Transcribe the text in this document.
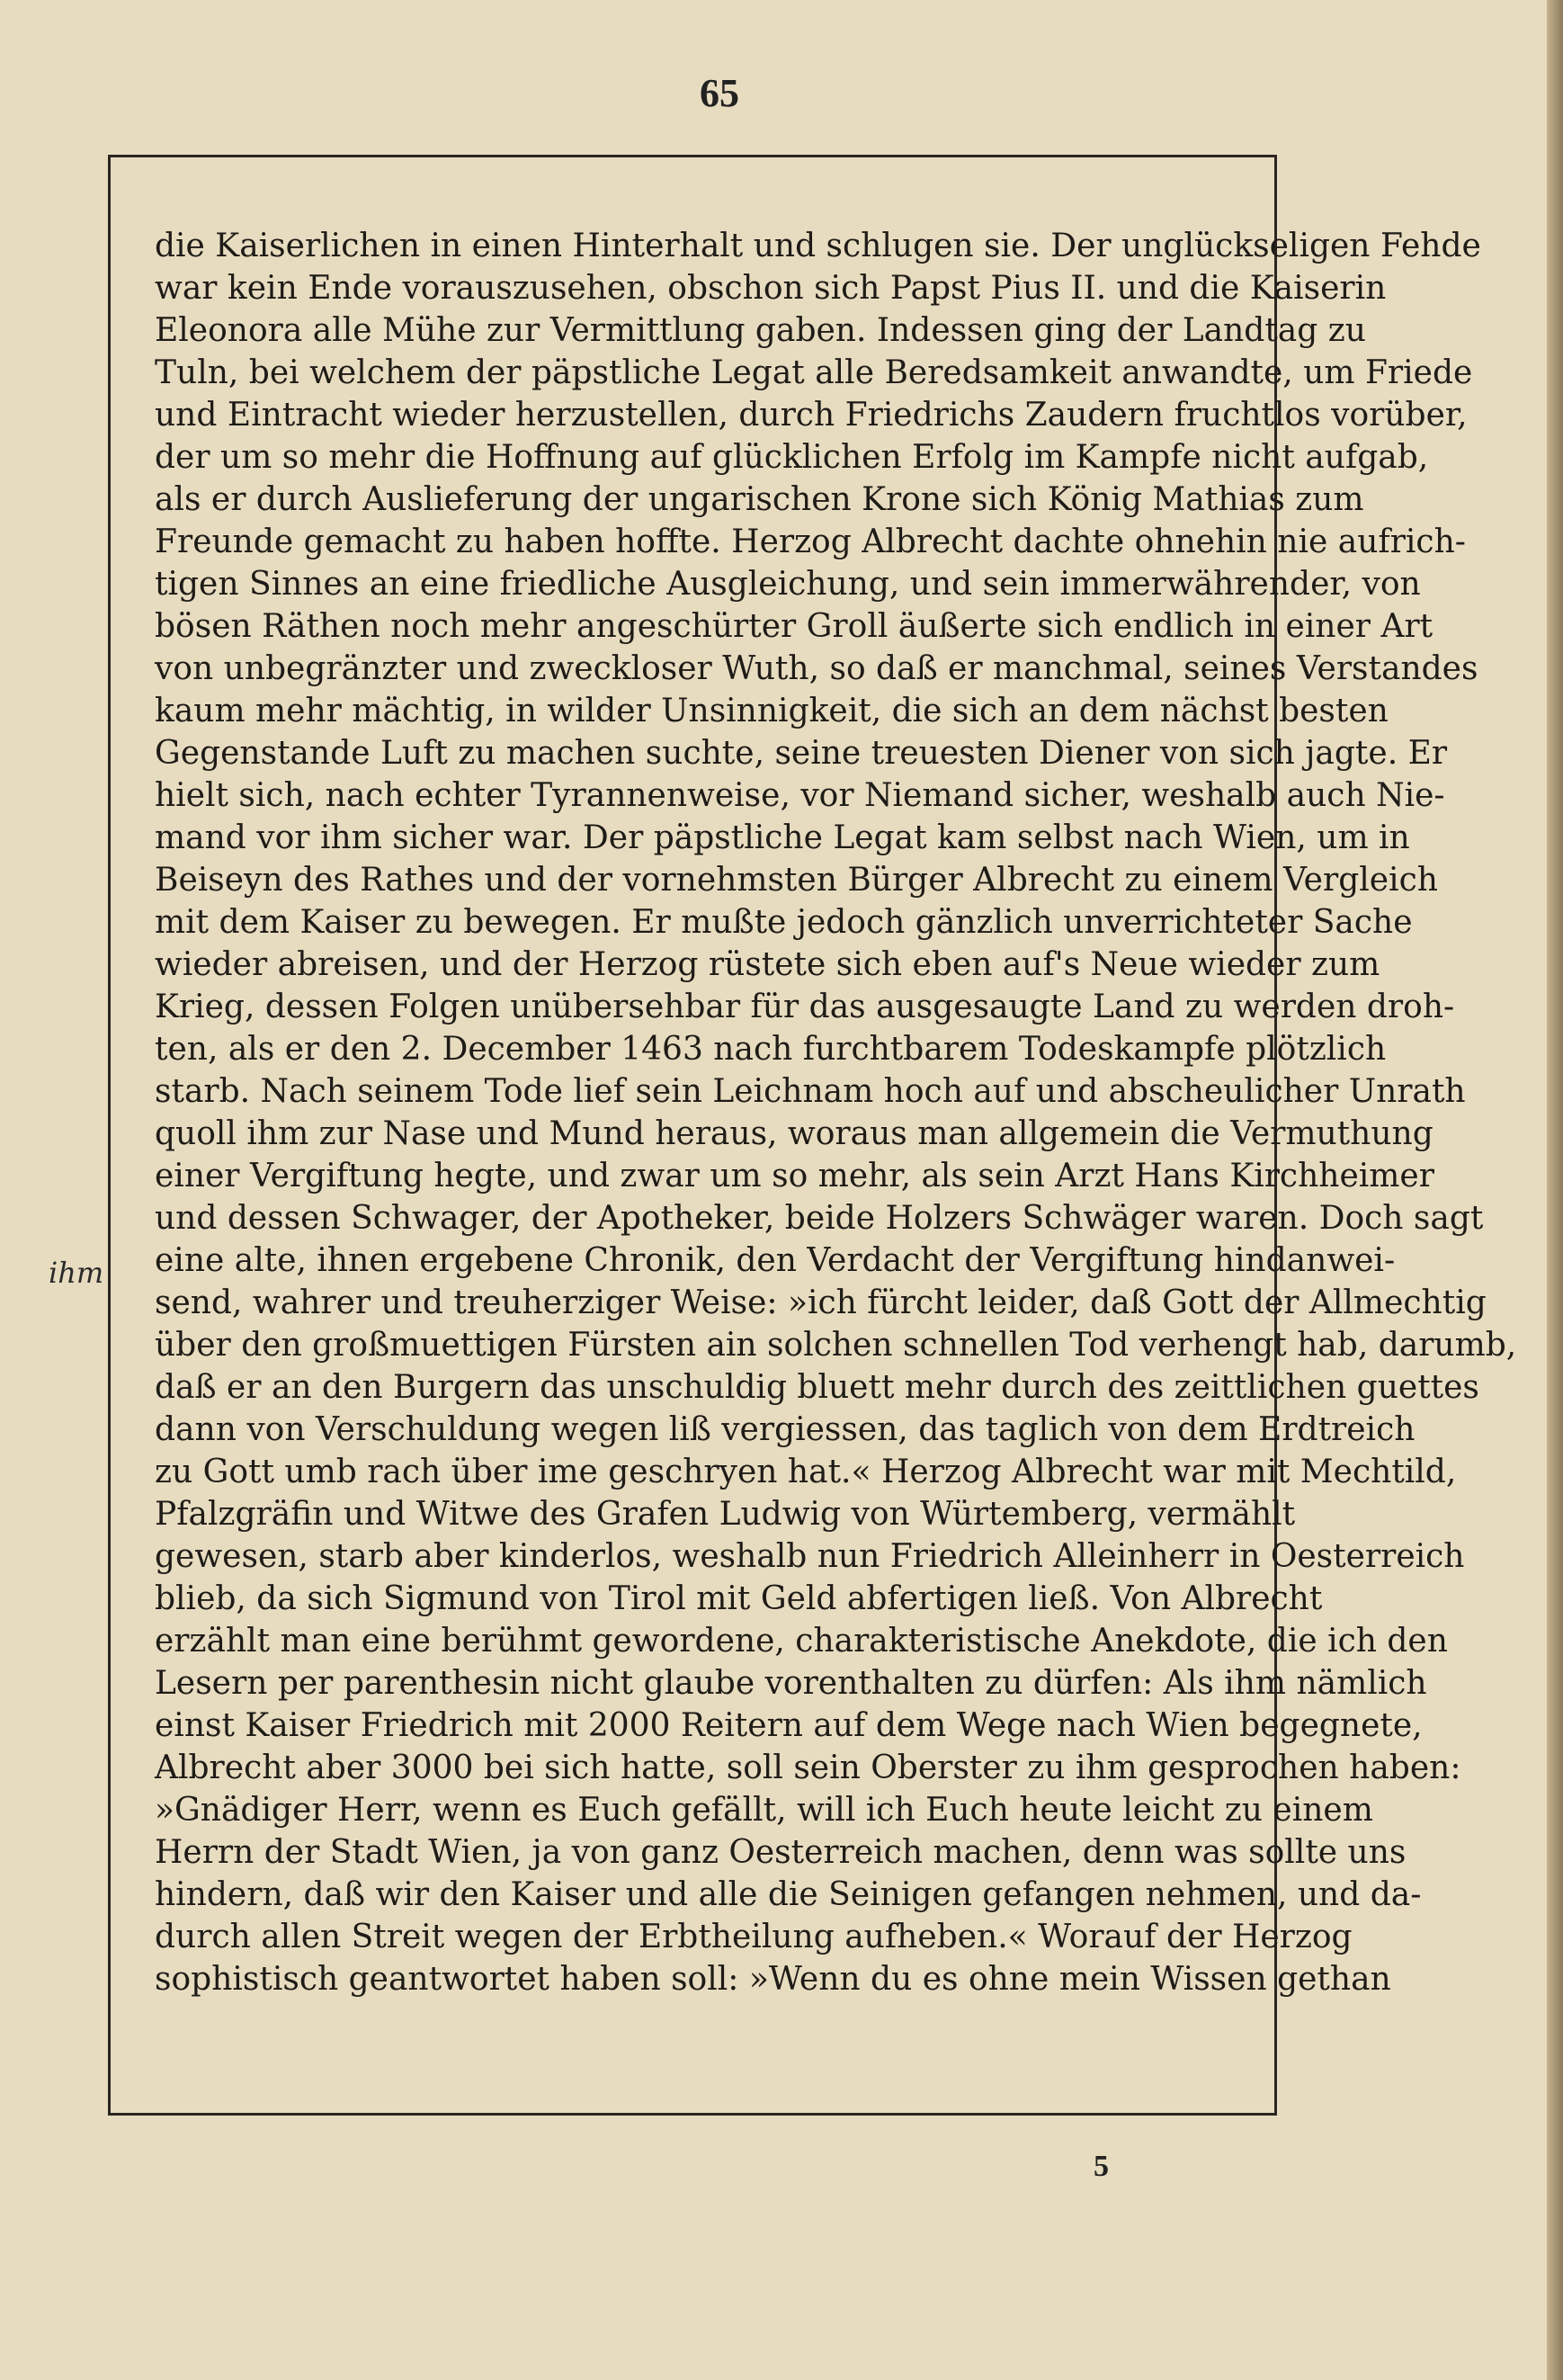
65
ihm
die Kaiserlichen in einen Hinterhalt und schlugen sie. Der unglückseligen Fehde
war kein Ende vorauszusehen, obschon sich Papst Pius II. und die Kaiserin
Eleonora alle Mühe zur Vermittlung gaben. Indessen ging der Landtag zu
Tuln, bei welchem der päpstliche Legat alle Beredsamkeit anwandte, um Friede
und Eintracht wieder herzustellen, durch Friedrichs Zaudern fruchtlos vorüber,
der um so mehr die Hoffnung auf glücklichen Erfolg im Kampfe nicht aufgab,
als er durch Auslieferung der ungarischen Krone sich König Mathias zum
Freunde gemacht zu haben hoffte. Herzog Albrecht dachte ohnehin nie aufrich-
tigen Sinnes an eine friedliche Ausgleichung, und sein immerwährender, von
bösen Räthen noch mehr angeschürter Groll äußerte sich endlich in einer Art
von unbegränzter und zweckloser Wuth, so daß er manchmal, seines Verstandes
kaum mehr mächtig, in wilder Unsinnigkeit, die sich an dem nächst besten
Gegenstande Luft zu machen suchte, seine treuesten Diener von sich jagte. Er
hielt sich, nach echter Tyrannenweise, vor Niemand sicher, weshalb auch Nie-
mand vor ihm sicher war. Der päpstliche Legat kam selbst nach Wien, um in
Beiseyn des Rathes und der vornehmsten Bürger Albrecht zu einem Vergleich
mit dem Kaiser zu bewegen. Er mußte jedoch gänzlich unverrichteter Sache
wieder abreisen, und der Herzog rüstete sich eben auf's Neue wieder zum
Krieg, dessen Folgen unübersehbar für das ausgesaugte Land zu werden droh-
ten, als er den 2. December 1463 nach furchtbarem Todeskampfe plötzlich
starb. Nach seinem Tode lief sein Leichnam hoch auf und abscheulicher Unrath
quoll ihm zur Nase und Mund heraus, woraus man allgemein die Vermuthung
einer Vergiftung hegte, und zwar um so mehr, als sein Arzt Hans Kirchheimer
und dessen Schwager, der Apotheker, beide Holzers Schwäger waren. Doch sagt
eine alte, ihnen ergebene Chronik, den Verdacht der Vergiftung hindanwei-
send, wahrer und treuherziger Weise: »ich fürcht leider, daß Gott der Allmechtig
über den großmuettigen Fürsten ain solchen schnellen Tod verhengt hab, darumb,
daß er an den Burgern das unschuldig bluett mehr durch des zeittlichen guettes
dann von Verschuldung wegen liß vergiessen, das taglich von dem Erdtreich
zu Gott umb rach über ime geschryen hat.« Herzog Albrecht war mit Mechtild,
Pfalzgräfin und Witwe des Grafen Ludwig von Würtemberg, vermählt
gewesen, starb aber kinderlos, weshalb nun Friedrich Alleinherr in Oesterreich
blieb, da sich Sigmund von Tirol mit Geld abfertigen ließ. Von Albrecht
erzählt man eine berühmt gewordene, charakteristische Anekdote, die ich den
Lesern per parenthesin nicht glaube vorenthalten zu dürfen: Als ihm nämlich
einst Kaiser Friedrich mit 2000 Reitern auf dem Wege nach Wien begegnete,
Albrecht aber 3000 bei sich hatte, soll sein Oberster zu ihm gesprochen haben:
»Gnädiger Herr, wenn es Euch gefällt, will ich Euch heute leicht zu einem
Herrn der Stadt Wien, ja von ganz Oesterreich machen, denn was sollte uns
hindern, daß wir den Kaiser und alle die Seinigen gefangen nehmen, und da-
durch allen Streit wegen der Erbtheilung aufheben.« Worauf der Herzog
sophistisch geantwortet haben soll: »Wenn du es ohne mein Wissen gethan
5
